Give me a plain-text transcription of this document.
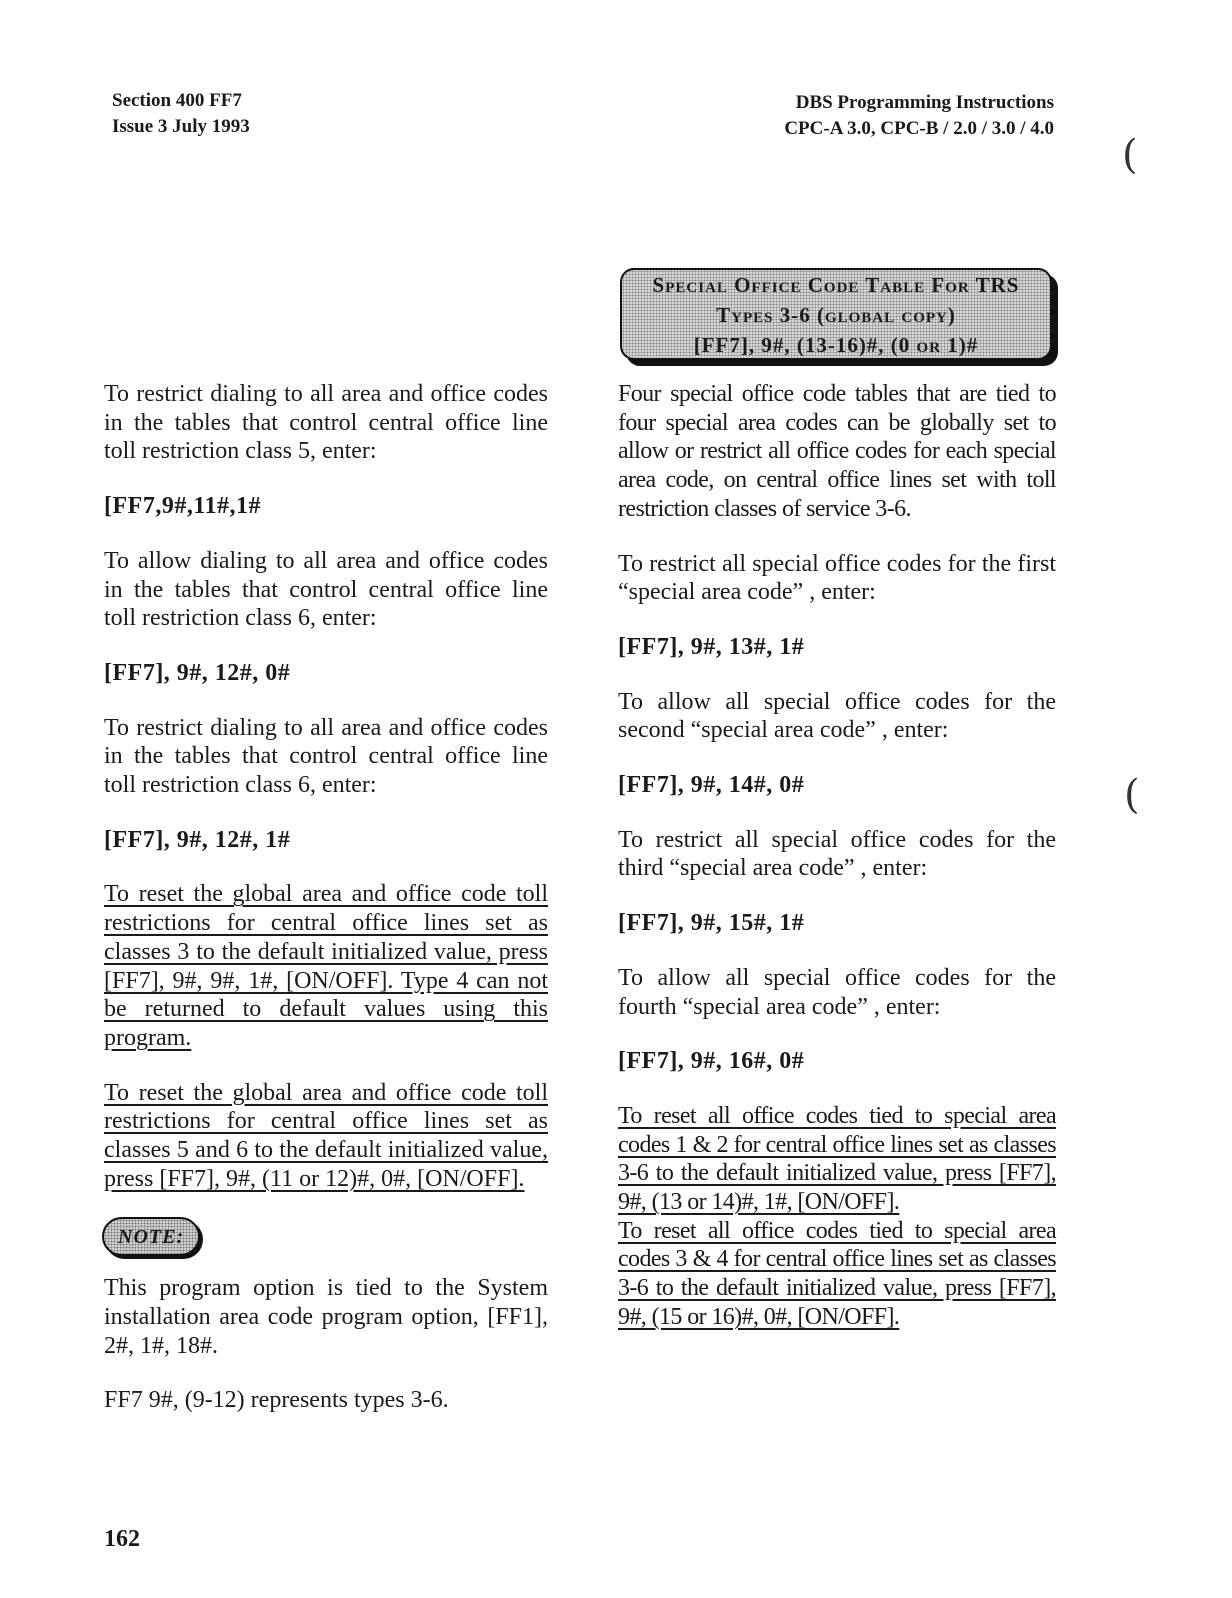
Section 400 FF7
Issue 3 July 1993
DBS Programming Instructions
CPC-A 3.0, CPC-B / 2.0 / 3.0 / 4.0
(
(
Special Office Code Table For TRS
Types 3-6 (global copy)
[FF7], 9#, (13-16)#, (0 or 1)#

To restrict dialing to all area and office codes in the tables that control central office line toll restriction class 5, enter:

[FF7,9#,11#,1#

To allow dialing to all area and office codes in the tables that control central office line toll restriction class 6, enter:

[FF7], 9#, 12#, 0#

To restrict dialing to all area and office codes in the tables that control central office line toll restriction class 6, enter:

[FF7], 9#, 12#, 1#

To reset the global area and office code toll restrictions for central office lines set as classes 3 to the default initialized value, press [FF7], 9#, 9#, 1#, [ON/OFF]. Type 4 can not be returned to default values using this program.

To reset the global area and office code toll restrictions for central office lines set as classes 5 and 6 to the default initialized value, press [FF7], 9#, (11 or 12)#, 0#, [ON/OFF].

NOTE:

This program option is tied to the System installation area code program option, [FF1], 2#, 1#, 18#.

FF7 9#, (9-12) represents types 3-6.

Four special office code tables that are tied to four special area codes can be globally set to allow or restrict all office codes for each special area code, on central office lines set with toll restriction classes of service 3-6.

To restrict all special office codes for the first “special area code” , enter:

[FF7], 9#, 13#, 1#

To allow all special office codes for the second “special area code” , enter:

[FF7], 9#, 14#, 0#

To restrict all special office codes for the third “special area code” , enter:

[FF7], 9#, 15#, 1#

To allow all special office codes for the fourth “special area code” , enter:

[FF7], 9#, 16#, 0#

To reset all office codes tied to special area codes 1 & 2 for central office lines set as classes 3-6 to the default initialized value, press [FF7], 9#, (13 or 14)#, 1#, [ON/OFF].

To reset all office codes tied to special area codes 3 & 4 for central office lines set as classes 3-6 to the default initialized value, press [FF7], 9#, (15 or 16)#, 0#, [ON/OFF].

162
